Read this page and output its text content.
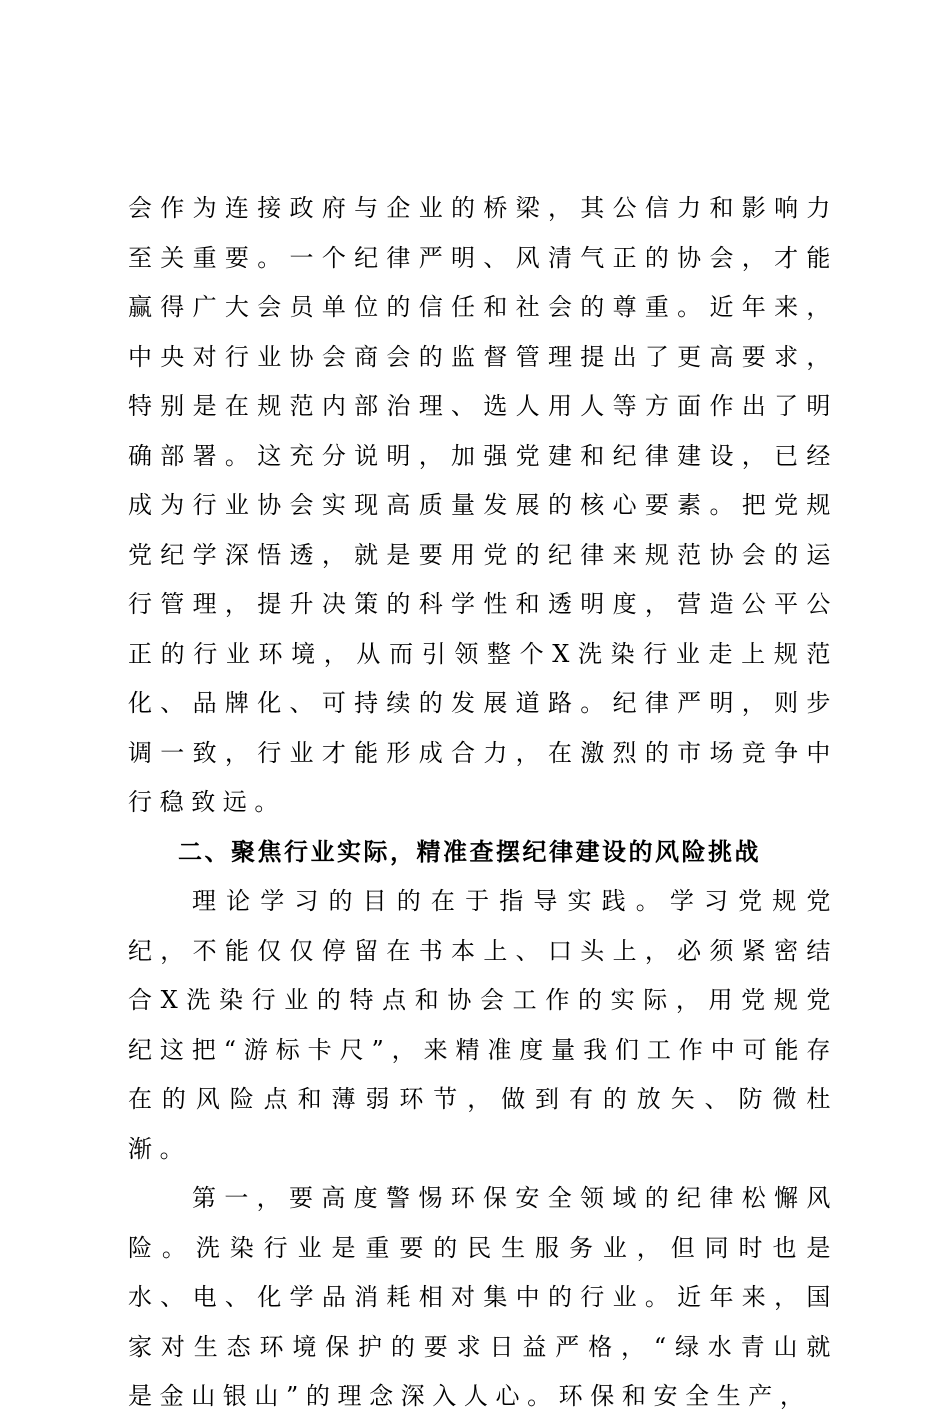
会作为连接政府与企业的桥梁，其公信力和影响力至关重要。一个纪律严明、风清气正的协会，才能赢得广大会员单位的信任和社会的尊重。近年来，中央对行业协会商会的监督管理提出了更高要求，特别是在规范内部治理、选人用人等方面作出了明确部署。这充分说明，加强党建和纪律建设，已经成为行业协会实现高质量发展的核心要素。把党规党纪学深悟透，就是要用党的纪律来规范协会的运行管理，提升决策的科学性和透明度，营造公平公正的行业环境，从而引领整个X洗染行业走上规范化、品牌化、可持续的发展道路。纪律严明，则步调一致，行业才能形成合力，在激烈的市场竞争中行稳致远。

二、聚焦行业实际，精准查摆纪律建设的风险挑战

理论学习的目的在于指导实践。学习党规党纪，不能仅仅停留在书本上、口头上，必须紧密结合X洗染行业的特点和协会工作的实际，用党规党纪这把“游标卡尺”，来精准度量我们工作中可能存在的风险点和薄弱环节，做到有的放矢、防微杜渐。

第一，要高度警惕环保安全领域的纪律松懈风险。洗染行业是重要的民生服务业，但同时也是水、电、化学品消耗相对集中的行业。近年来，国家对生态环境保护的要求日益严格，“绿水青山就是金山银山”的理念深入人心。环保和安全生产，
